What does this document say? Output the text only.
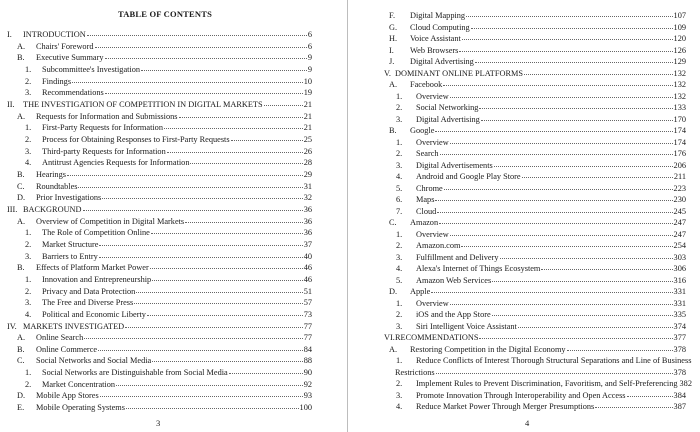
TABLE OF CONTENTS
I. INTRODUCTION	6
A. Chairs' Foreword	6
B. Executive Summary	9
1. Subcommittee's Investigation	9
2. Findings	10
3. Recommendations	19
II. THE INVESTIGATION OF COMPETITION IN DIGITAL MARKETS	21
A. Requests for Information and Submissions	21
1. First-Party Requests for Information	21
2. Process for Obtaining Responses to First-Party Requests	25
3. Third-party Requests for Information	26
4. Antitrust Agencies Requests for Information	28
B. Hearings	29
C. Roundtables	31
D. Prior Investigations	32
III. BACKGROUND	36
A. Overview of Competition in Digital Markets	36
1. The Role of Competition Online	36
2. Market Structure	37
3. Barriers to Entry	40
B. Effects of Platform Market Power	46
1. Innovation and Entrepreneurship	46
2. Privacy and Data Protection	51
3. The Free and Diverse Press	57
4. Political and Economic Liberty	73
IV. MARKETS INVESTIGATED	77
A. Online Search	77
B. Online Commerce	84
C. Social Networks and Social Media	88
1. Social Networks are Distinguishable from Social Media	90
2. Market Concentration	92
D. Mobile App Stores	93
E. Mobile Operating Systems	100
3
F. Digital Mapping	107
G. Cloud Computing	109
H. Voice Assistant	120
I. Web Browsers	126
J. Digital Advertising	129
V. DOMINANT ONLINE PLATFORMS	132
A. Facebook	132
1. Overview	132
2. Social Networking	133
3. Digital Advertising	170
B. Google	174
1. Overview	174
2. Search	176
3. Digital Advertisements	206
4. Android and Google Play Store	211
5. Chrome	223
6. Maps	230
7. Cloud	245
C. Amazon	247
1. Overview	247
2. Amazon.com	254
3. Fulfillment and Delivery	303
4. Alexa's Internet of Things Ecosystem	306
5. Amazon Web Services	316
D. Apple	331
1. Overview	331
2. iOS and the App Store	335
3. Siri Intelligent Voice Assistant	374
VI. RECOMMENDATIONS	377
A. Restoring Competition in the Digital Economy	378
1. Reduce Conflicts of Interest Thorough Structural Separations and Line of Business
Restrictions	378
2. Implement Rules to Prevent Discrimination, Favoritism, and Self-Preferencing 382
3. Promote Innovation Through Interoperability and Open Access	384
4. Reduce Market Power Through Merger Presumptions	387
4
